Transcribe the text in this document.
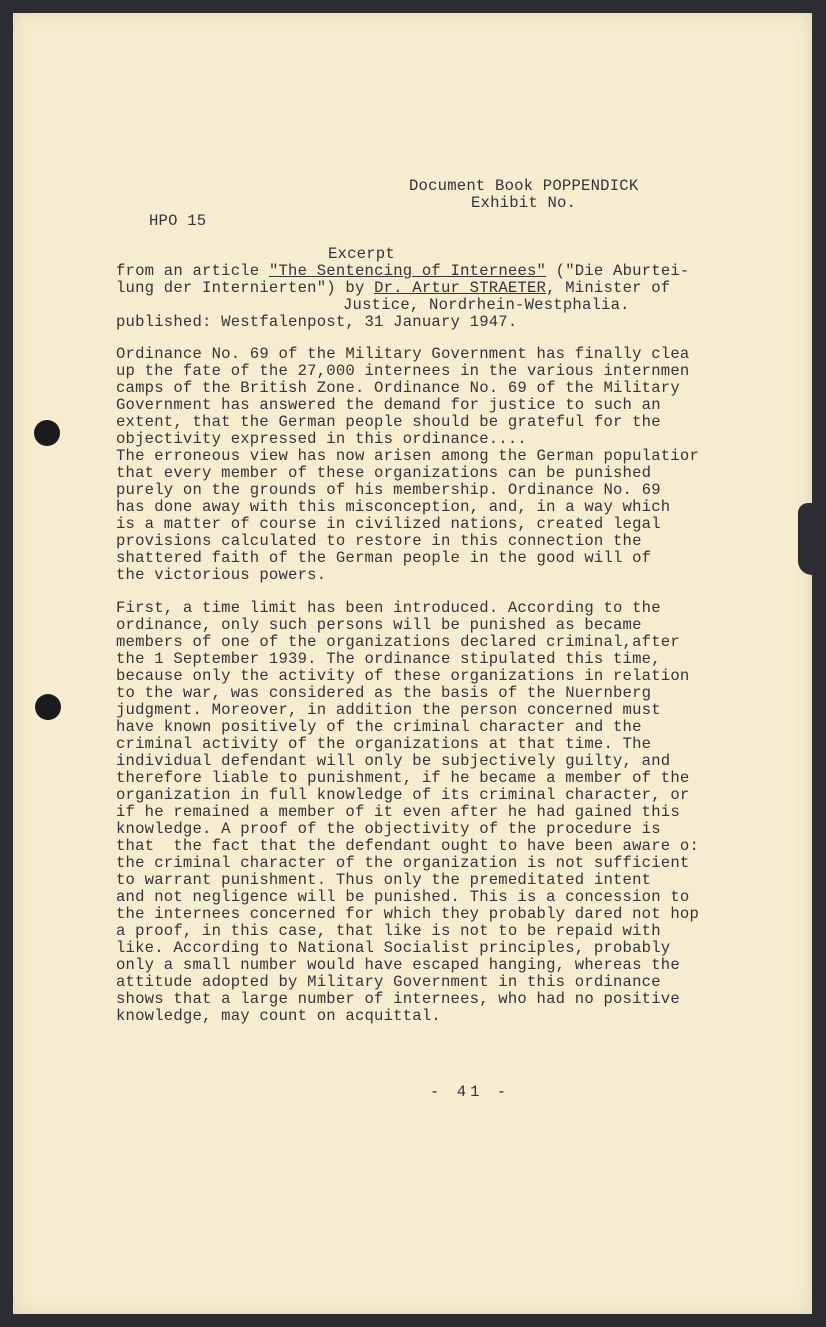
Document Book POPPENDICK
Exhibit No.
HPO 15
Excerpt
from an article "The Sentencing of Internees" ("Die Aburtei-
lung der Internierten") by Dr. Artur STRAETER, Minister of
Justice, Nordrhein-Westphalia.
published: Westfalenpost, 31 January 1947.
Ordinance No. 69 of the Military Government has finally clea
up the fate of the 27,000 internees in the various internmen
camps of the British Zone. Ordinance No. 69 of the Military
Government has answered the demand for justice to such an
extent, that the German people should be grateful for the
objectivity expressed in this ordinance....
The erroneous view has now arisen among the German populatior
that every member of these organizations can be punished
purely on the grounds of his membership. Ordinance No. 69
has done away with this misconception, and, in a way which
is a matter of course in civilized nations, created legal
provisions calculated to restore in this connection the
shattered faith of the German people in the good will of
the victorious powers.
First, a time limit has been introduced. According to the
ordinance, only such persons will be punished as became
members of one of the organizations declared criminal,after
the 1 September 1939. The ordinance stipulated this time,
because only the activity of these organizations in relation
to the war, was considered as the basis of the Nuernberg
judgment. Moreover, in addition the person concerned must
have known positively of the criminal character and the
criminal activity of the organizations at that time. The
individual defendant will only be subjectively guilty, and
therefore liable to punishment, if he became a member of the
organization in full knowledge of its criminal character, or
if he remained a member of it even after he had gained this
knowledge. A proof of the objectivity of the procedure is
that  the fact that the defendant ought to have been aware o:
the criminal character of the organization is not sufficient
to warrant punishment. Thus only the premeditated intent
and not negligence will be punished. This is a concession to
the internees concerned for which they probably dared not hop
a proof, in this case, that like is not to be repaid with
like. According to National Socialist principles, probably
only a small number would have escaped hanging, whereas the
attitude adopted by Military Government in this ordinance
shows that a large number of internees, who had no positive
knowledge, may count on acquittal.
- 41 -
